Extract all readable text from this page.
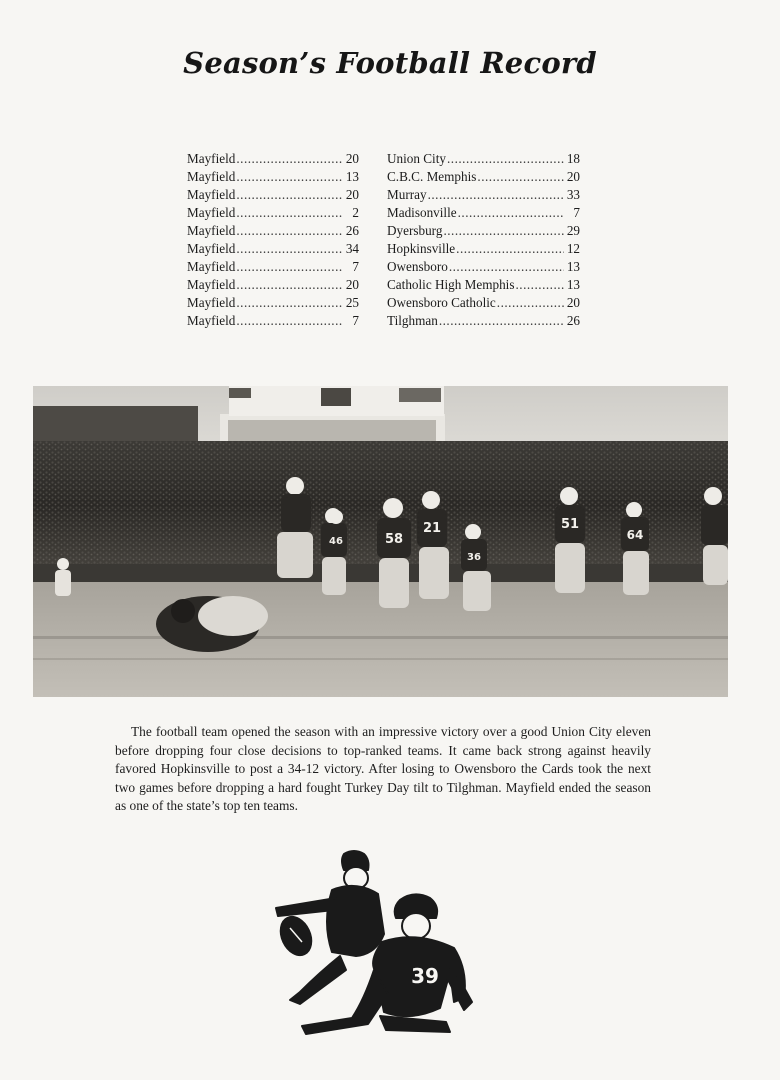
Season’s Football Record
Mayfield .....	20
Mayfield .....	13
Mayfield .....	20
Mayfield .....	2
Mayfield .....	26
Mayfield .....	34
Mayfield .....	7
Mayfield .....	20
Mayfield .....	25
Mayfield .....	7
Union City .....	18
C.B.C. Memphis .....	20
Murray .....	33
Madisonville .....	7
Dyersburg .....	29
Hopkinsville .....	12
Owensboro .....	13
Catholic High Memphis .....	13
Owensboro Catholic .....	20
Tilghman .....	26
58
21
36
51
64
46

The football team opened the season with an impressive victory over a good Union City eleven before dropping four close decisions to top-ranked teams. It came back strong against heavily favored Hopkinsville to post a 34-12 victory. After losing to Owensboro the Cards took the next two games before dropping a hard fought Turkey Day tilt to Tilghman. Mayfield ended the season as one of the state’s top ten teams.

39
